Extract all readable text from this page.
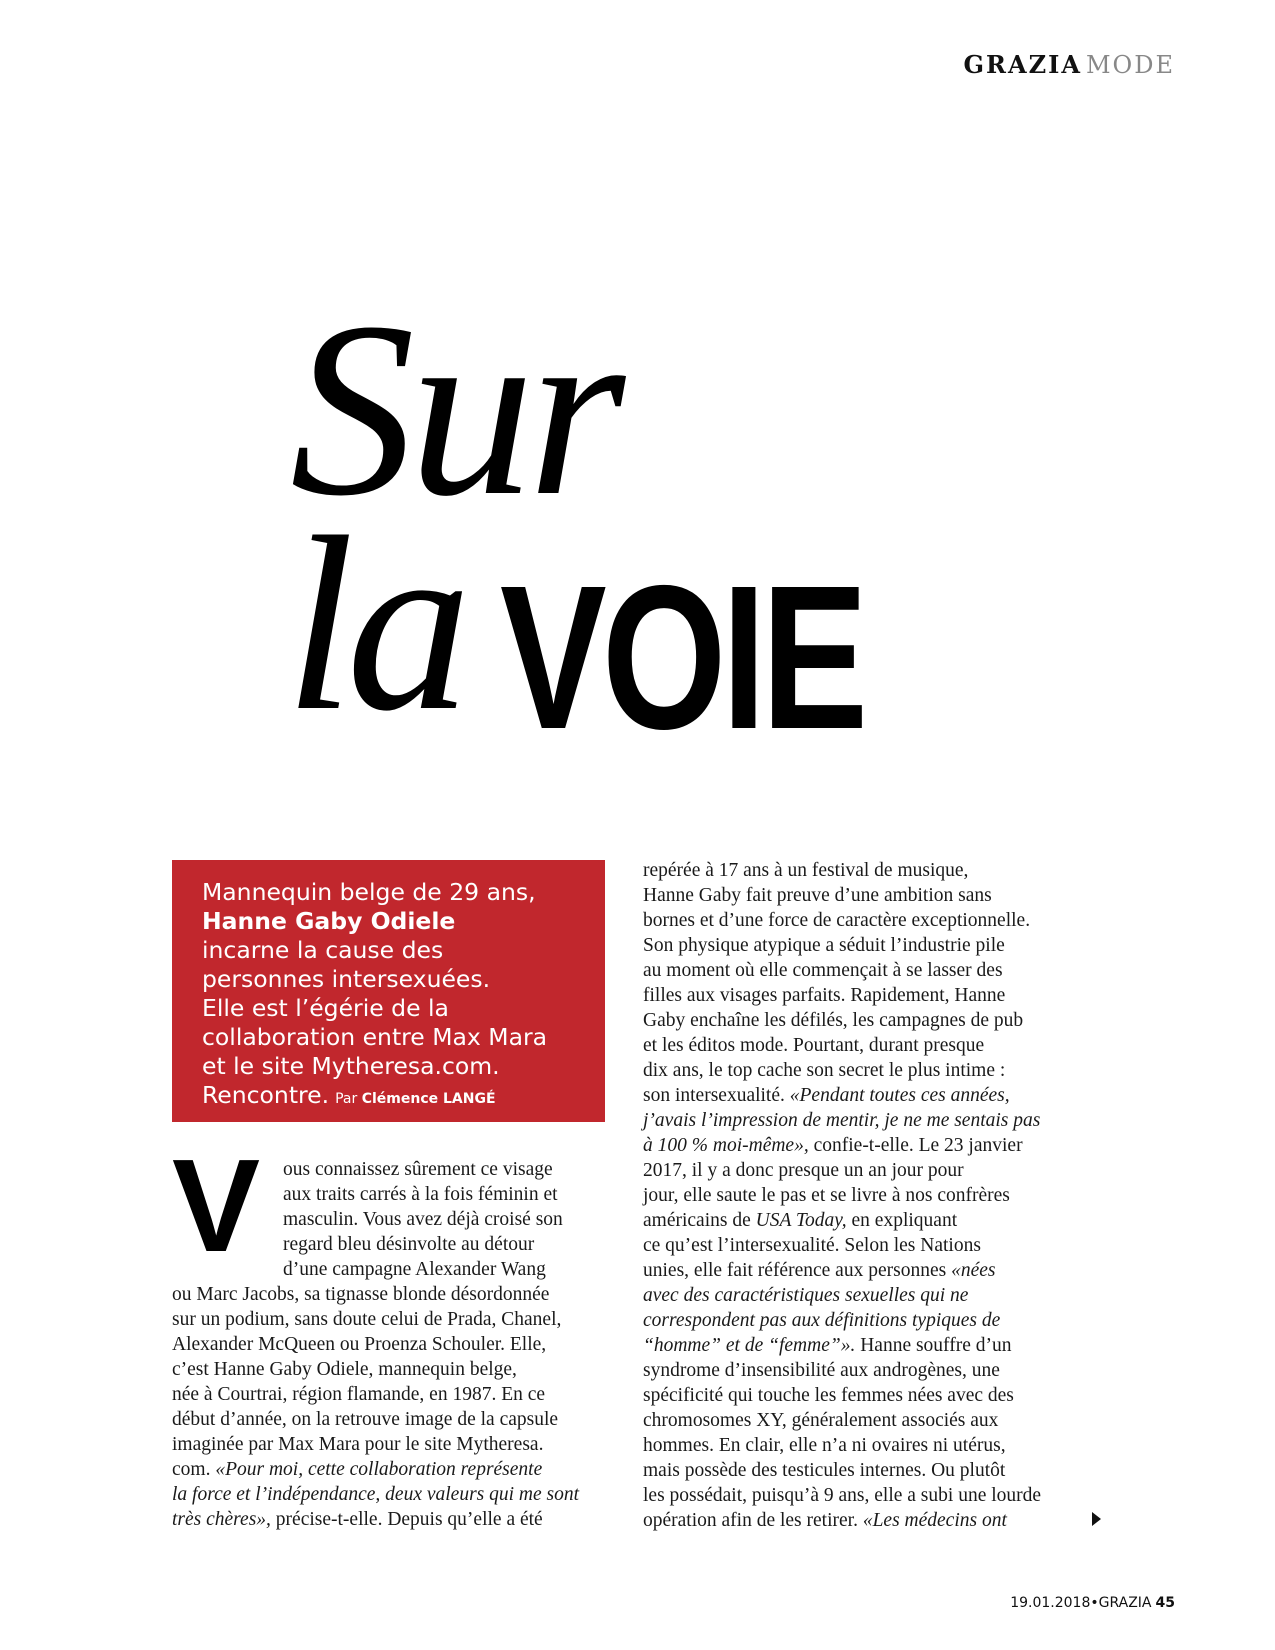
GRAZIA MODE
Sur
la VOIE
Mannequin belge de 29 ans,
Hanne Gaby Odiele
incarne la cause des
personnes intersexuées.
Elle est l’égérie de la
collaboration entre Max Mara
et le site Mytheresa.com.
Rencontre. Par Clémence LANGÉ
V ous connaissez sûrement ce visage

aux traits carrés à la fois féminin et

masculin. Vous avez déjà croisé son

regard bleu désinvolte au détour

d’une campagne Alexander Wang

ou Marc Jacobs, sa tignasse blonde désordonnée

sur un podium, sans doute celui de Prada, Chanel,

Alexander McQueen ou Proenza Schouler. Elle,

c’est Hanne Gaby Odiele, mannequin belge,

née à Courtrai, région flamande, en 1987. En ce

début d’année, on la retrouve image de la capsule

imaginée par Max Mara pour le site Mytheresa.

com. «Pour moi, cette collaboration représente

la force et l’indépendance, deux valeurs qui me sont

très chères», précise-t-elle. Depuis qu’elle a été

repérée à 17 ans à un festival de musique,

Hanne Gaby fait preuve d’une ambition sans

bornes et d’une force de caractère exceptionnelle.

Son physique atypique a séduit l’industrie pile

au moment où elle commençait à se lasser des

filles aux visages parfaits. Rapidement, Hanne

Gaby enchaîne les défilés, les campagnes de pub

et les éditos mode. Pourtant, durant presque

dix ans, le top cache son secret le plus intime :

son intersexualité. «Pendant toutes ces années,

j’avais l’impression de mentir, je ne me sentais pas

à 100 % moi-même», confie-t-elle. Le 23 janvier

2017, il y a donc presque un an jour pour

jour, elle saute le pas et se livre à nos confrères

américains de USA Today, en expliquant

ce qu’est l’intersexualité. Selon les Nations

unies, elle fait référence aux personnes «nées

avec des caractéristiques sexuelles qui ne

correspondent pas aux définitions typiques de

“homme” et de “femme”». Hanne souffre d’un

syndrome d’insensibilité aux androgènes, une

spécificité qui touche les femmes nées avec des

chromosomes XY, généralement associés aux

hommes. En clair, elle n’a ni ovaires ni utérus,

mais possède des testicules internes. Ou plutôt

les possédait, puisqu’à 9 ans, elle a subi une lourde

opération afin de les retirer. «Les médecins ont

19.01.2018•GRAZIA 45
